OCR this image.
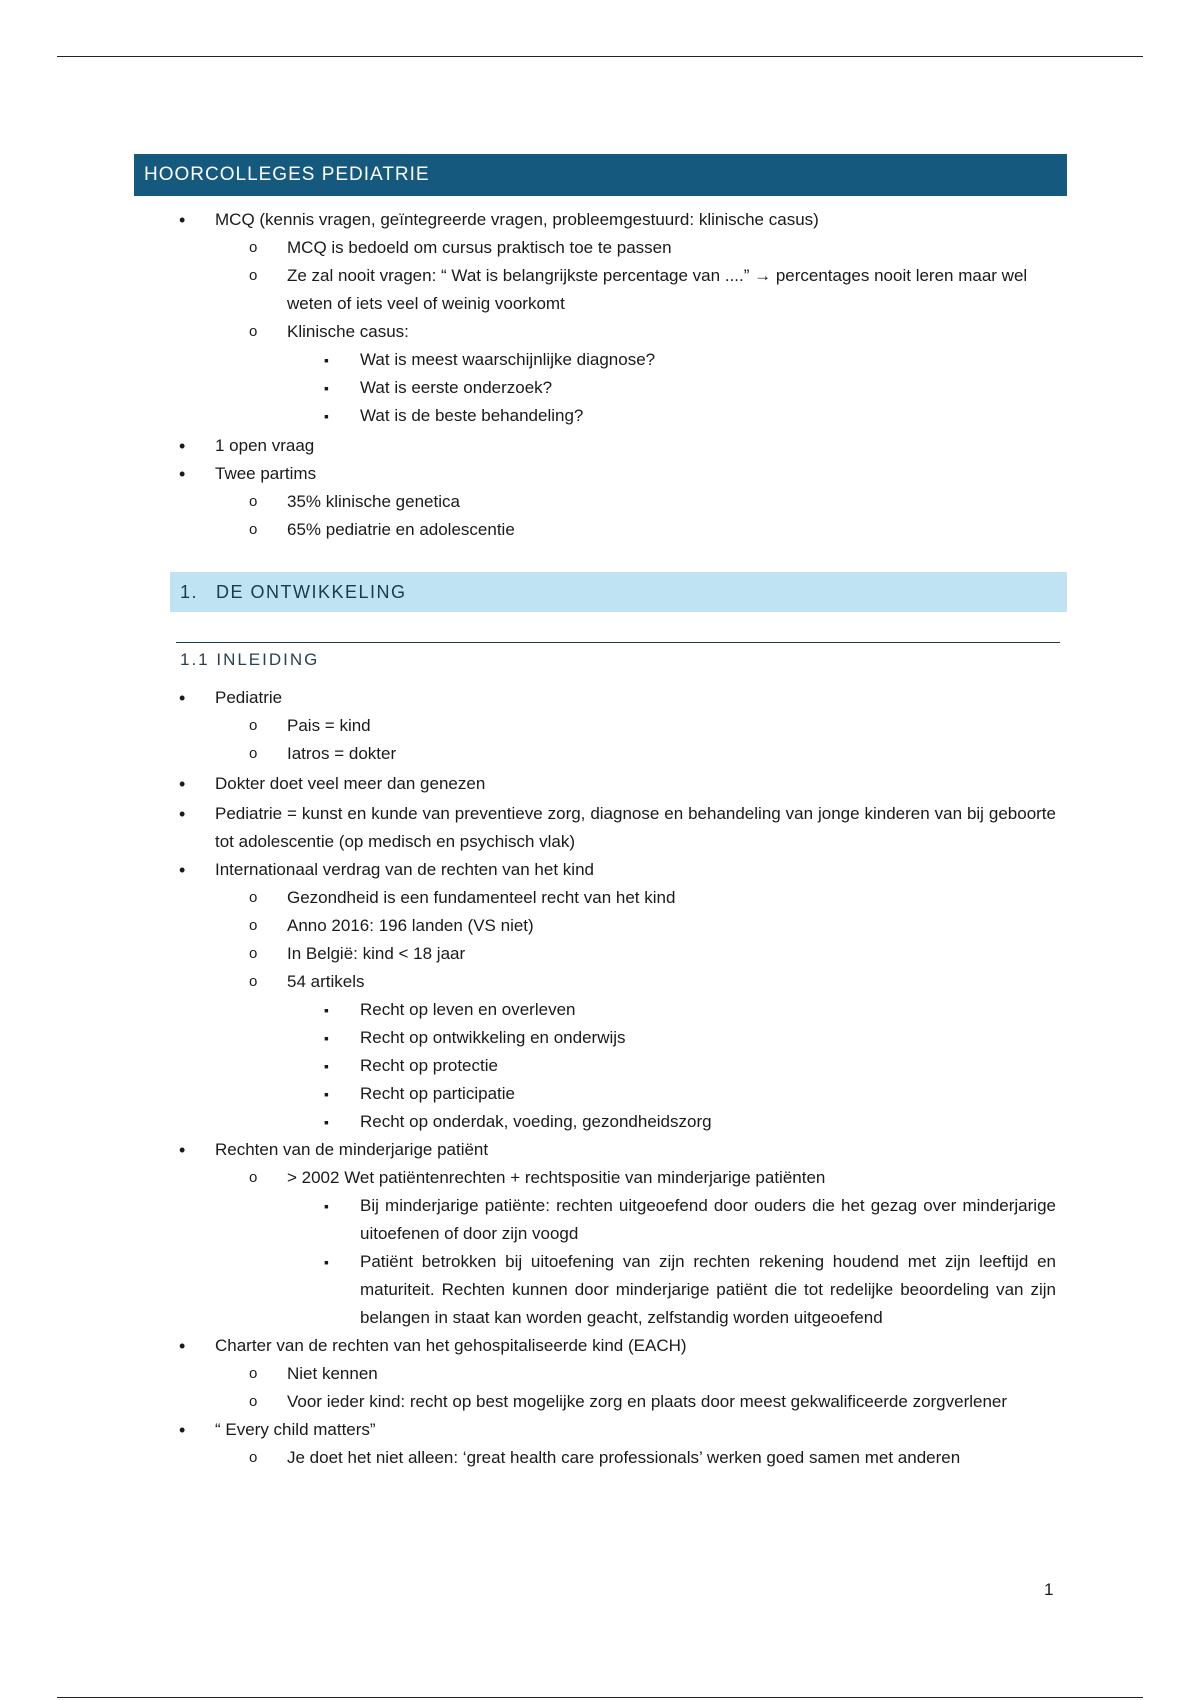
HOORCOLLEGES PEDIATRIE
• MCQ (kennis vragen, geïntegreerde vragen, probleemgestuurd: klinische casus)
o MCQ is bedoeld om cursus praktisch toe te passen
o Ze zal nooit vragen: “ Wat is belangrijkste percentage van ....” → percentages nooit leren maar wel weten of iets veel of weinig voorkomt
o Klinische casus:
▪ Wat is meest waarschijnlijke diagnose?
▪ Wat is eerste onderzoek?
▪ Wat is de beste behandeling?
• 1 open vraag
• Twee partims
o 35% klinische genetica
o 65% pediatrie en adolescentie
1. DE ONTWIKKELING
1.1 INLEIDING
• Pediatrie
o Pais = kind
o Iatros = dokter
• Dokter doet veel meer dan genezen
• Pediatrie = kunst en kunde van preventieve zorg, diagnose en behandeling van jonge kinderen van bij geboorte tot adolescentie (op medisch en psychisch vlak)
• Internationaal verdrag van de rechten van het kind
o Gezondheid is een fundamenteel recht van het kind
o Anno 2016: 196 landen (VS niet)
o In België: kind < 18 jaar
o 54 artikels
▪ Recht op leven en overleven
▪ Recht op ontwikkeling en onderwijs
▪ Recht op protectie
▪ Recht op participatie
▪ Recht op onderdak, voeding, gezondheidszorg
• Rechten van de minderjarige patiënt
o > 2002 Wet patiëntenrechten + rechtspositie van minderjarige patiënten
▪ Bij minderjarige patiënte: rechten uitgeoefend door ouders die het gezag over minderjarige uitoefenen of door zijn voogd
▪ Patiënt betrokken bij uitoefening van zijn rechten rekening houdend met zijn leeftijd en maturiteit. Rechten kunnen door minderjarige patiënt die tot redelijke beoordeling van zijn belangen in staat kan worden geacht, zelfstandig worden uitgeoefend
• Charter van de rechten van het gehospitaliseerde kind (EACH)
o Niet kennen
o Voor ieder kind: recht op best mogelijke zorg en plaats door meest gekwalificeerde zorgverlener
• “ Every child matters”
o Je doet het niet alleen: ‘great health care professionals’ werken goed samen met anderen
1
